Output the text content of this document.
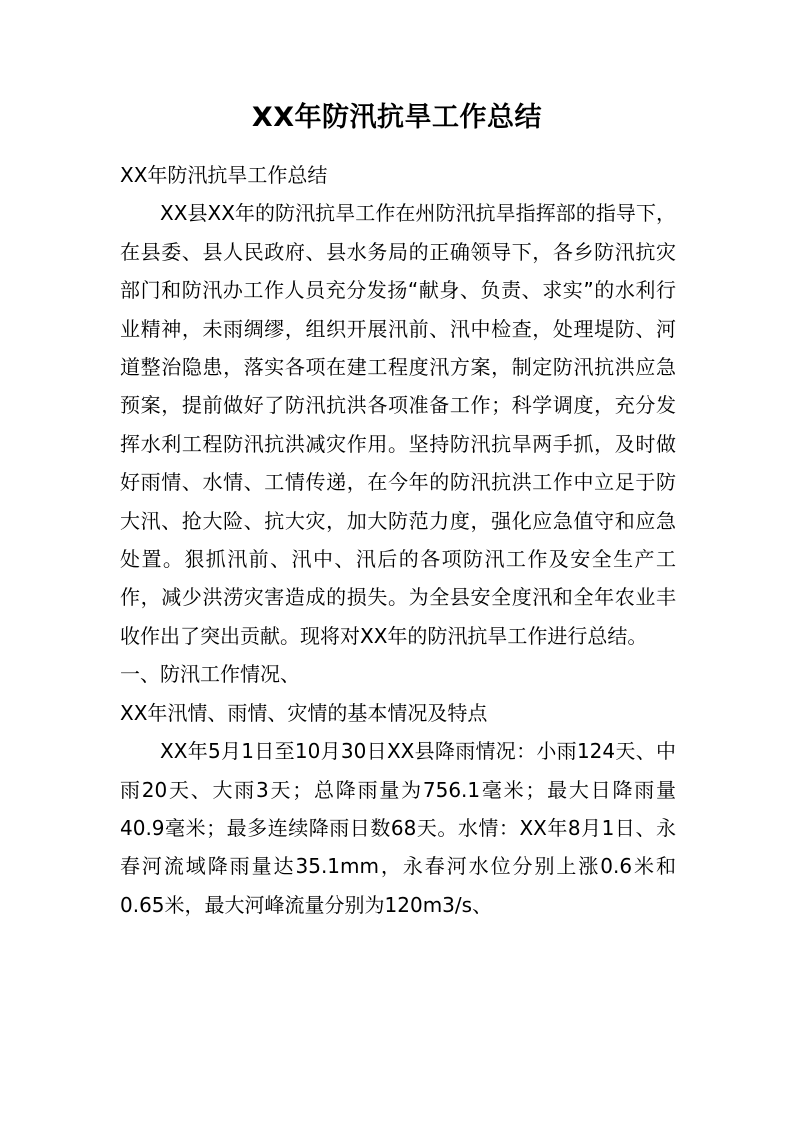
XX年防汛抗旱工作总结

XX年防汛抗旱工作总结

XX县XX年的防汛抗旱工作在州防汛抗旱指挥部的指导下，在县委、县人民政府、县水务局的正确领导下，各乡防汛抗灾部门和防汛办工作人员充分发扬“献身、负责、求实”的水利行业精神，未雨绸缪，组织开展汛前、汛中检查，处理堤防、河道整治隐患，落实各项在建工程度汛方案，制定防汛抗洪应急预案，提前做好了防汛抗洪各项准备工作；科学调度，充分发挥水利工程防汛抗洪减灾作用。坚持防汛抗旱两手抓，及时做好雨情、水情、工情传递，在今年的防汛抗洪工作中立足于防大汛、抢大险、抗大灾，加大防范力度，强化应急值守和应急处置。狠抓汛前、汛中、汛后的各项防汛工作及安全生产工作，减少洪涝灾害造成的损失。为全县安全度汛和全年农业丰收作出了突出贡献。现将对XX年的防汛抗旱工作进行总结。

一、防汛工作情况、

XX年汛情、雨情、灾情的基本情况及特点

XX年5月1日至10月30日XX县降雨情况：小雨124天、中雨20天、大雨3天；总降雨量为756.1毫米；最大日降雨量40.9毫米；最多连续降雨日数68天。水情：XX年8月1日、永春河流域降雨量达35.1mm，永春河水位分别上涨0.6米和0.65米，最大河峰流量分别为120m3/s、
